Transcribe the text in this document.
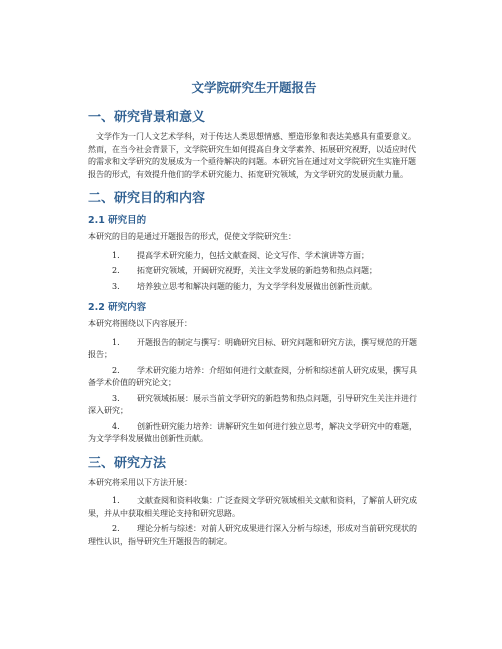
文学院研究生开题报告
一、研究背景和意义

文学作为一门人文艺术学科，对于传达人类思想情感、塑造形象和表达美感具有重要意义。然而，在当今社会背景下，文学院研究生如何提高自身文学素养、拓展研究视野，以适应时代的需求和文学研究的发展成为一个亟待解决的问题。本研究旨在通过对文学院研究生实施开题报告的形式，有效提升他们的学术研究能力、拓宽研究领域，为文学研究的发展贡献力量。

二、研究目的和内容
2.1 研究目的

本研究的目的是通过开题报告的形式，促使文学院研究生：

1. 提高学术研究能力，包括文献查阅、论文写作、学术演讲等方面；
2. 拓宽研究领域，开阔研究视野，关注文学发展的新趋势和热点问题；
3. 培养独立思考和解决问题的能力，为文学学科发展做出创新性贡献。
2.2 研究内容

本研究将围绕以下内容展开：

1. 开题报告的制定与撰写：明确研究目标、研究问题和研究方法，撰写规范的开题报告；
2. 学术研究能力培养：介绍如何进行文献查阅，分析和综述前人研究成果，撰写具备学术价值的研究论文；
3. 研究领域拓展：展示当前文学研究的新趋势和热点问题，引导研究生关注并进行深入研究；
4. 创新性研究能力培养：讲解研究生如何进行独立思考，解决文学研究中的难题，为文学学科发展做出创新性贡献。
三、研究方法

本研究将采用以下方法开展：

1. 文献查阅和资料收集：广泛查阅文学研究领域相关文献和资料，了解前人研究成果，并从中获取相关理论支持和研究思路。
2. 理论分析与综述：对前人研究成果进行深入分析与综述，形成对当前研究现状的理性认识，指导研究生开题报告的制定。
